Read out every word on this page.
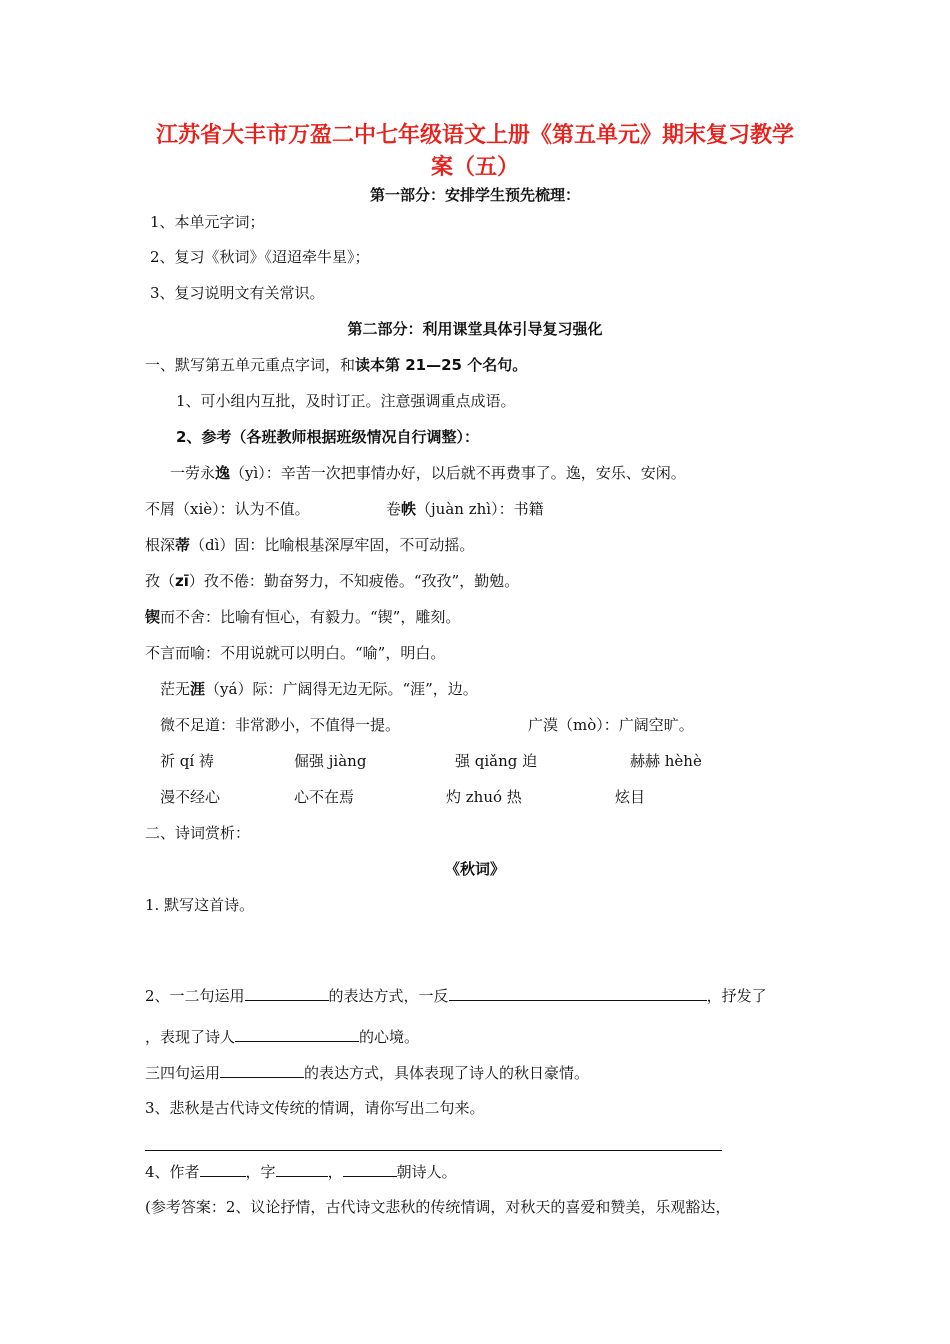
江苏省大丰市万盈二中七年级语文上册《第五单元》期末复习教学
案（五）
第一部分：安排学生预先梳理：
1、本单元字词；
2、复习《秋词》《迢迢牵牛星》；
3、复习说明文有关常识。
第二部分：利用课堂具体引导复习强化
一、默写第五单元重点字词，和读本第 21—25 个名句。
1、可小组内互批，及时订正。注意强调重点成语。
2、参考（各班教师根据班级情况自行调整）：
一劳永逸（yì）：辛苦一次把事情办好，以后就不再费事了。逸，安乐、安闲。
不屑（xiè）：认为不值。	卷帙（juàn zhì）：书籍
根深蒂（dì）固：比喻根基深厚牢固，不可动摇。
孜（zī）孜不倦：勤奋努力，不知疲倦。“孜孜”，勤勉。
锲而不舍：比喻有恒心，有毅力。“锲”，雕刻。
不言而喻：不用说就可以明白。“喻”，明白。
茫无涯（yá）际：广阔得无边无际。“涯”，边。
微不足道：非常渺小，不值得一提。	广漠（mò）：广阔空旷。
祈 qí 祷	倔强 jiàng	强 qiǎng 迫	赫赫 hèhè
漫不经心	心不在焉	灼 zhuó 热	炫目
二、诗词赏析：
《秋词》
1. 默写这首诗。
2、一二句运用	的表达方式，一反	，抒发了
，表现了诗人	的心境。
三四句运用	的表达方式，具体表现了诗人的秋日豪情。
3、悲秋是古代诗文传统的情调，请你写出二句来。
4、作者	，字	，	朝诗人。
(参考答案：2、议论抒情，古代诗文悲秋的传统情调，对秋天的喜爱和赞美，乐观豁达，
